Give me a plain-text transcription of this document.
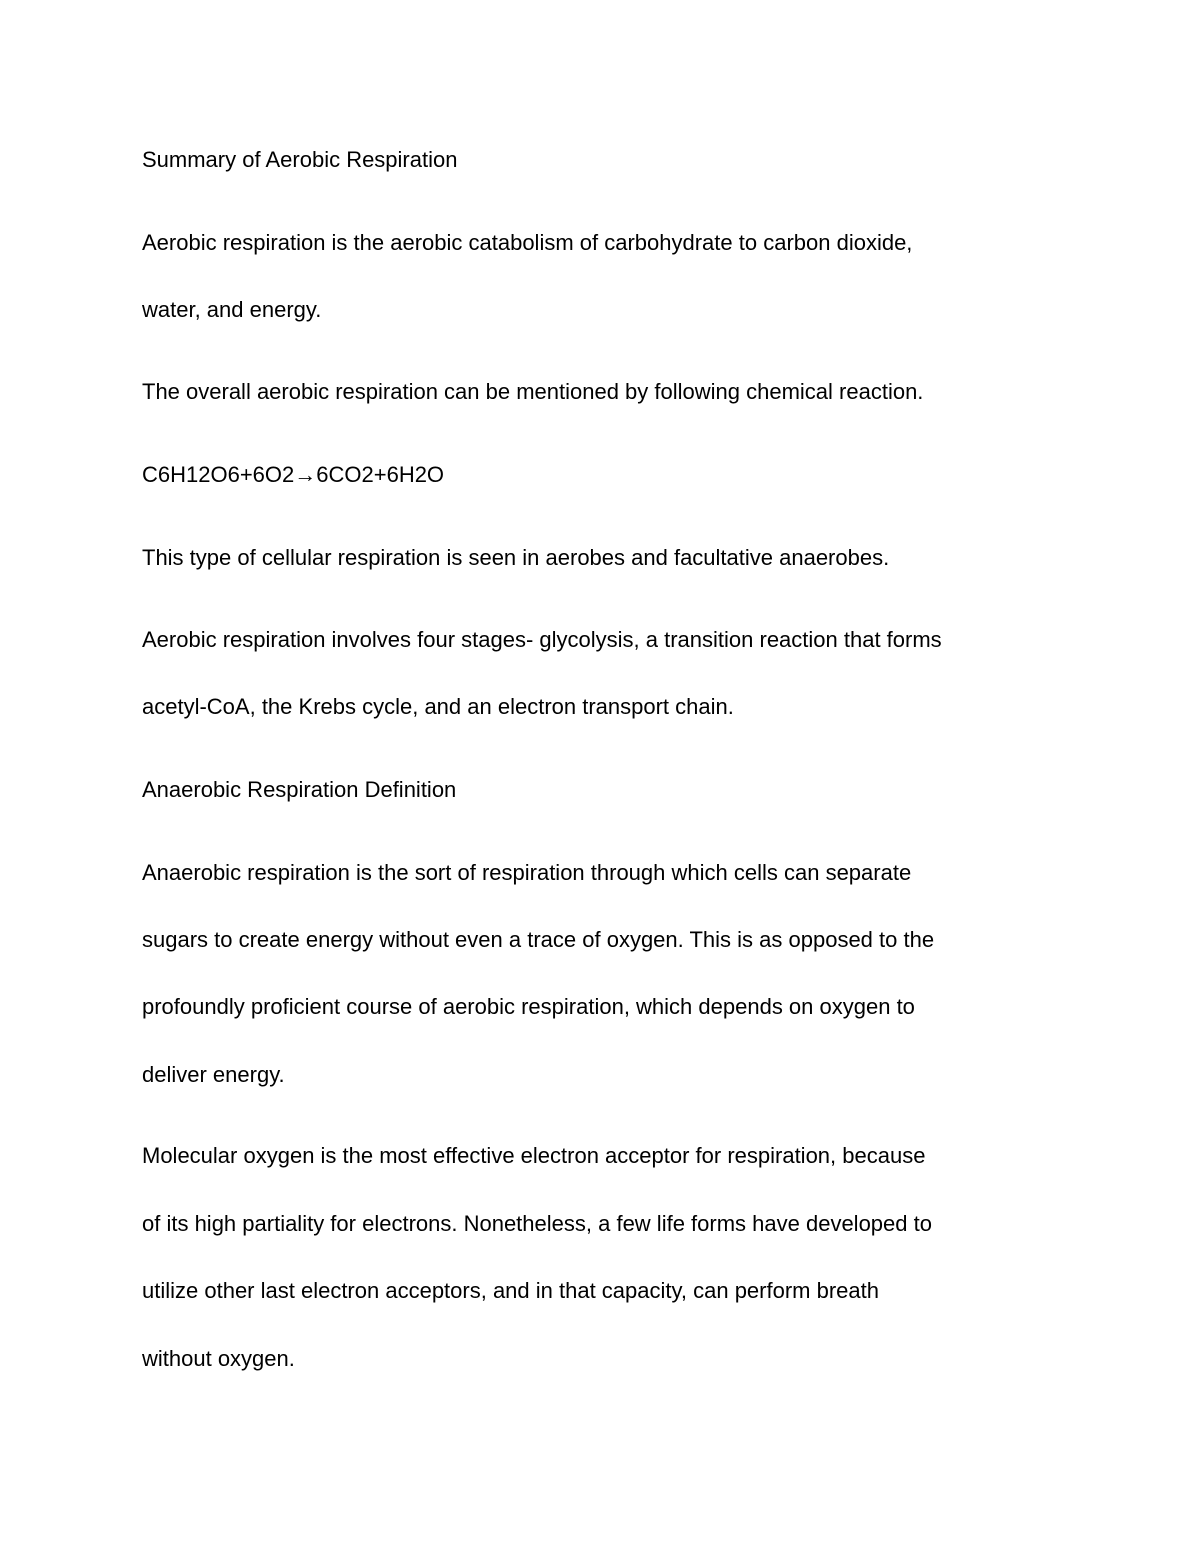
Summary of Aerobic Respiration
Aerobic respiration is the aerobic catabolism of carbohydrate to carbon dioxide,
water, and energy.
The overall aerobic respiration can be mentioned by following chemical reaction.
C6H12O6+6O2→6CO2+6H2O
This type of cellular respiration is seen in aerobes and facultative anaerobes.
Aerobic respiration involves four stages- glycolysis, a transition reaction that forms
acetyl-CoA, the Krebs cycle, and an electron transport chain.
Anaerobic Respiration Definition
Anaerobic respiration is the sort of respiration through which cells can separate
sugars to create energy without even a trace of oxygen. This is as opposed to the
profoundly proficient course of aerobic respiration, which depends on oxygen to
deliver energy.
Molecular oxygen is the most effective electron acceptor for respiration, because
of its high partiality for electrons. Nonetheless, a few life forms have developed to
utilize other last electron acceptors, and in that capacity, can perform breath
without oxygen.
